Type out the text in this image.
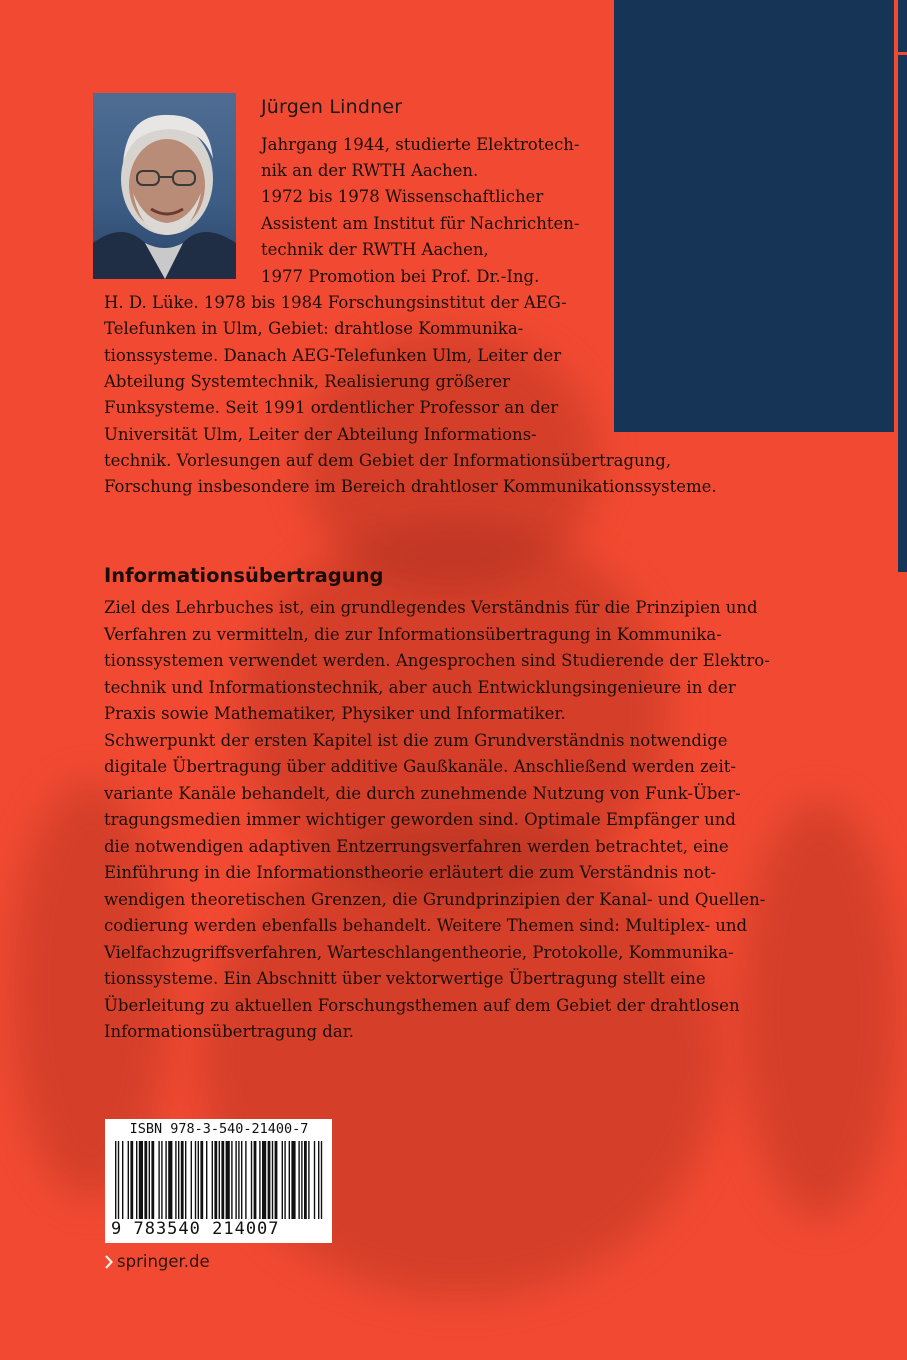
Jürgen Lindner
Jahrgang 1944, studierte Elektrotech-
nik an der RWTH Aachen.
1972 bis 1978 Wissenschaftlicher
Assistent am Institut für Nachrichten-
technik der RWTH Aachen,
1977 Promotion bei Prof. Dr.-Ing.
H. D. Lüke. 1978 bis 1984 Forschungsinstitut der AEG-
Telefunken in Ulm, Gebiet: drahtlose Kommunika-
tionssysteme. Danach AEG-Telefunken Ulm, Leiter der
Abteilung Systemtechnik, Realisierung größerer
Funksysteme. Seit 1991 ordentlicher Professor an der
Universität Ulm, Leiter der Abteilung Informations-
technik. Vorlesungen auf dem Gebiet der Informationsübertragung,
Forschung insbesondere im Bereich drahtloser Kommunikationssysteme.
Informationsübertragung
Ziel des Lehrbuches ist, ein grundlegendes Verständnis für die Prinzipien und
Verfahren zu vermitteln, die zur Informationsübertragung in Kommunika-
tionssystemen verwendet werden. Angesprochen sind Studierende der Elektro-
technik und Informationstechnik, aber auch Entwicklungsingenieure in der
Praxis sowie Mathematiker, Physiker und Informatiker.
Schwerpunkt der ersten Kapitel ist die zum Grundverständnis notwendige
digitale Übertragung über additive Gaußkanäle. Anschließend werden zeit-
variante Kanäle behandelt, die durch zunehmende Nutzung von Funk-Über-
tragungsmedien immer wichtiger geworden sind. Optimale Empfänger und
die notwendigen adaptiven Entzerrungsverfahren werden betrachtet, eine
Einführung in die Informationstheorie erläutert die zum Verständnis not-
wendigen theoretischen Grenzen, die Grundprinzipien der Kanal- und Quellen-
codierung werden ebenfalls behandelt. Weitere Themen sind: Multiplex- und
Vielfachzugriffsverfahren, Warteschlangentheorie, Protokolle, Kommunika-
tionssysteme. Ein Abschnitt über vektorwertige Übertragung stellt eine
Überleitung zu aktuellen Forschungsthemen auf dem Gebiet der drahtlosen
Informationsübertragung dar.
ISBN 978-3-540-21400-7
9 783540 214007
springer.de
